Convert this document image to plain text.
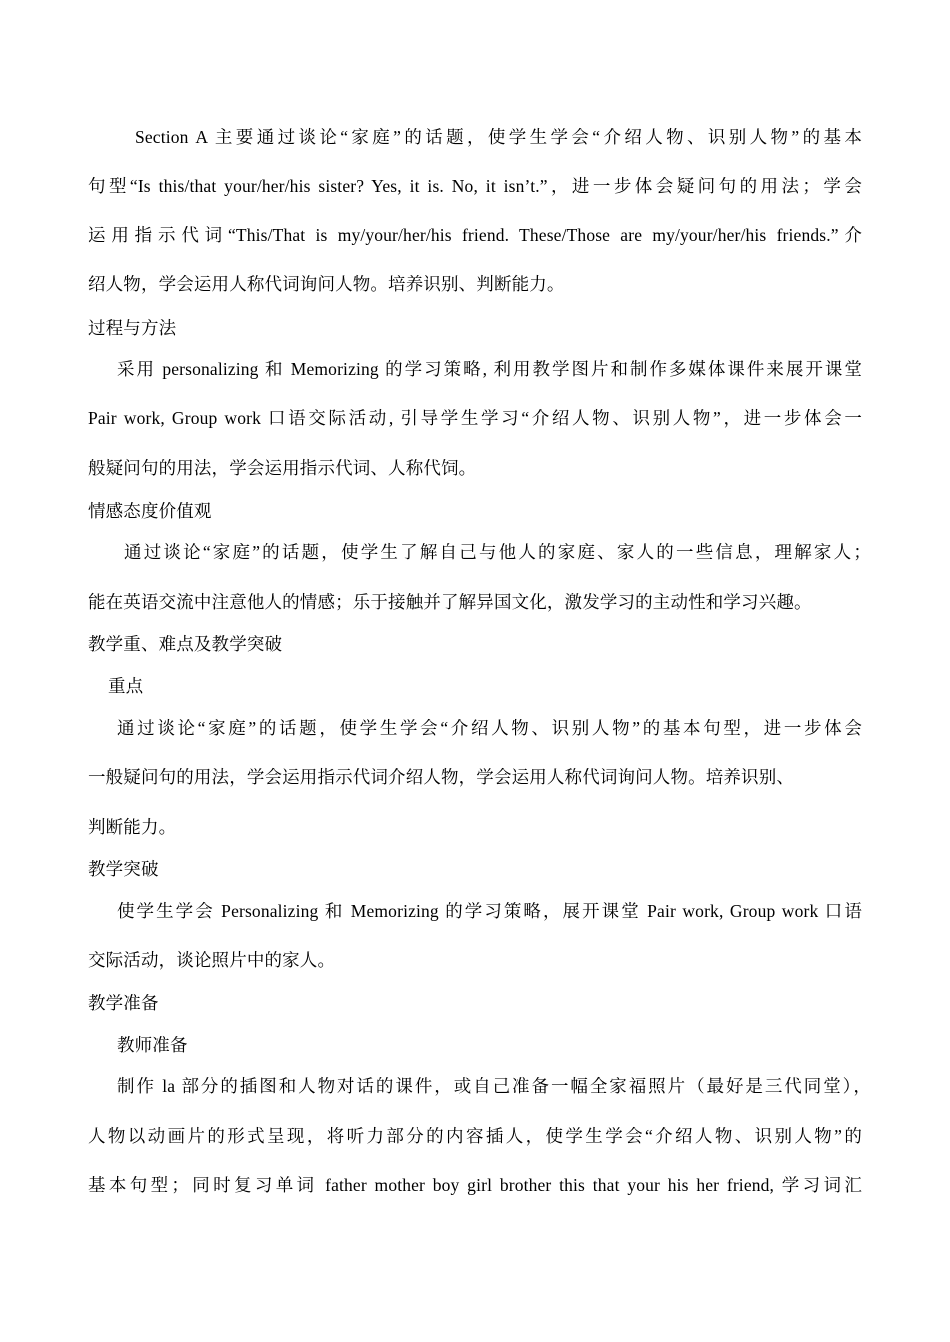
Section A 主要通过谈论“家庭”的话题，使学生学会“介绍人物、识别人物”的基本
句型“Is this/that your/her/his sister? Yes, it is. No, it isn’t.”，进一步体会疑问句的用法；学会
运用指示代词“This/That is my/your/her/his friend. These/Those are my/your/her/his friends.”介
绍人物，学会运用人称代词询问人物。培养识别、判断能力。
过程与方法
采用 personalizing 和 Memorizing 的学习策略, 利用教学图片和制作多媒体课件来展开课堂
Pair work, Group work 口语交际活动, 引导学生学习“介绍人物、识别人物”，进一步体会一
般疑问句的用法，学会运用指示代词、人称代饲。
情感态度价值观
通过谈论“家庭”的话题，使学生了解自己与他人的家庭、家人的一些信息，理解家人；
能在英语交流中注意他人的情感；乐于接触并了解异国文化，激发学习的主动性和学习兴趣。
教学重、难点及教学突破
重点
通过谈论“家庭”的话题，使学生学会“介绍人物、识别人物”的基本句型，进一步体会
一般疑问句的用法，学会运用指示代词介绍人物，学会运用人称代词询问人物。培养识别、
判断能力。
教学突破
使学生学会 Personalizing 和 Memorizing 的学习策略，展开课堂 Pair work, Group work 口语
交际活动，谈论照片中的家人。
教学准备
教师准备
制作 la 部分的插图和人物对话的课件，或自己准备一幅全家福照片（最好是三代同堂），
人物以动画片的形式呈现，将听力部分的内容插人，使学生学会“介绍人物、识别人物”的
基本句型；同时复习单词 father mother boy girl brother this that your his her friend, 学习词汇
